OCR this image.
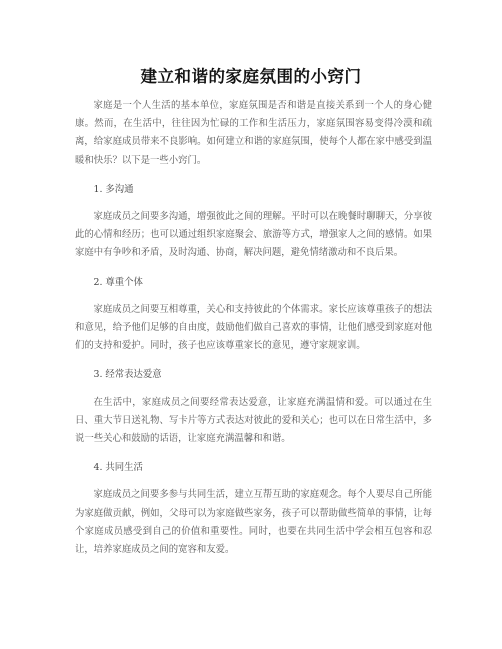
建立和谐的家庭氛围的小窍门

家庭是一个人生活的基本单位，家庭氛围是否和谐是直接关系到一个人的身心健康。然而，在生活中，往往因为忙碌的工作和生活压力，家庭氛围容易变得冷漠和疏离，给家庭成员带来不良影响。如何建立和谐的家庭氛围，使每个人都在家中感受到温暖和快乐？以下是一些小窍门。

1. 多沟通

家庭成员之间要多沟通，增强彼此之间的理解。平时可以在晚餐时聊聊天，分享彼此的心情和经历；也可以通过组织家庭聚会、旅游等方式，增强家人之间的感情。如果家庭中有争吵和矛盾，及时沟通、协商，解决问题，避免情绪激动和不良后果。

2. 尊重个体

家庭成员之间要互相尊重，关心和支持彼此的个体需求。家长应该尊重孩子的想法和意见，给予他们足够的自由度，鼓励他们做自己喜欢的事情，让他们感受到家庭对他们的支持和爱护。同时，孩子也应该尊重家长的意见，遵守家规家训。

3. 经常表达爱意

在生活中，家庭成员之间要经常表达爱意，让家庭充满温情和爱。可以通过在生日、重大节日送礼物、写卡片等方式表达对彼此的爱和关心；也可以在日常生活中，多说一些关心和鼓励的话语，让家庭充满温馨和和谐。

4. 共同生活

家庭成员之间要多参与共同生活，建立互帮互助的家庭观念。每个人要尽自己所能为家庭做贡献，例如，父母可以为家庭做些家务，孩子可以帮助做些简单的事情，让每个家庭成员感受到自己的价值和重要性。同时，也要在共同生活中学会相互包容和忍让，培养家庭成员之间的宽容和友爱。
